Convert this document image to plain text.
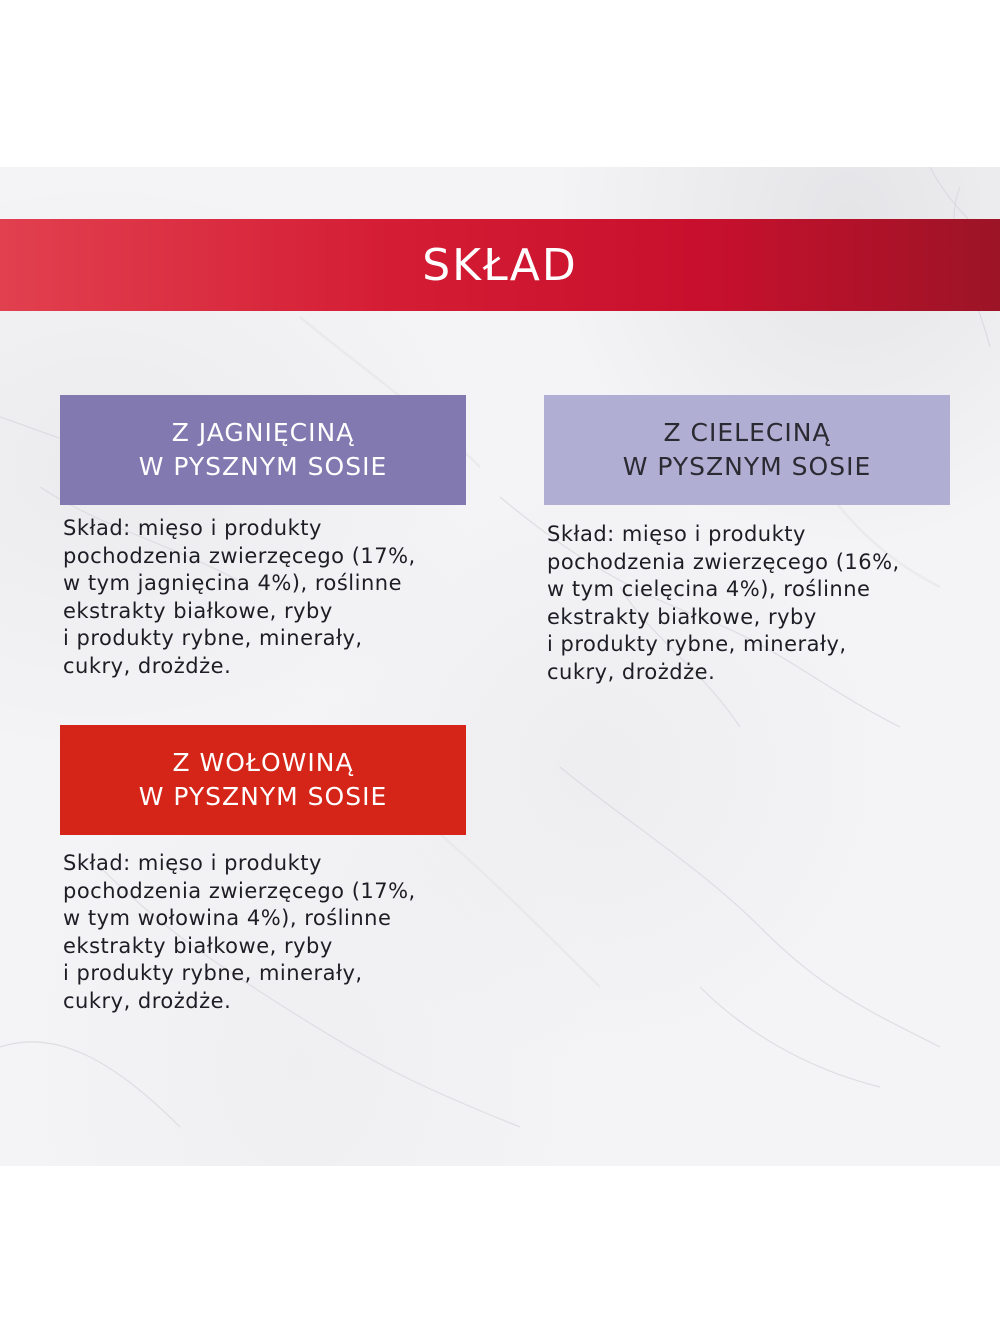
SKŁAD
Z JAGNIĘCINĄ
W PYSZNYM SOSIE
Skład: mięso i produkty
pochodzenia zwierzęcego (17%,
w tym jagnięcina 4%), roślinne
ekstrakty białkowe, ryby
i produkty rybne, minerały,
cukry, drożdże.
Z CIELECINĄ
W PYSZNYM SOSIE
Skład: mięso i produkty
pochodzenia zwierzęcego (16%,
w tym cielęcina 4%), roślinne
ekstrakty białkowe, ryby
i produkty rybne, minerały,
cukry, drożdże.
Z WOŁOWINĄ
W PYSZNYM SOSIE
Skład: mięso i produkty
pochodzenia zwierzęcego (17%,
w tym wołowina 4%), roślinne
ekstrakty białkowe, ryby
i produkty rybne, minerały,
cukry, drożdże.
